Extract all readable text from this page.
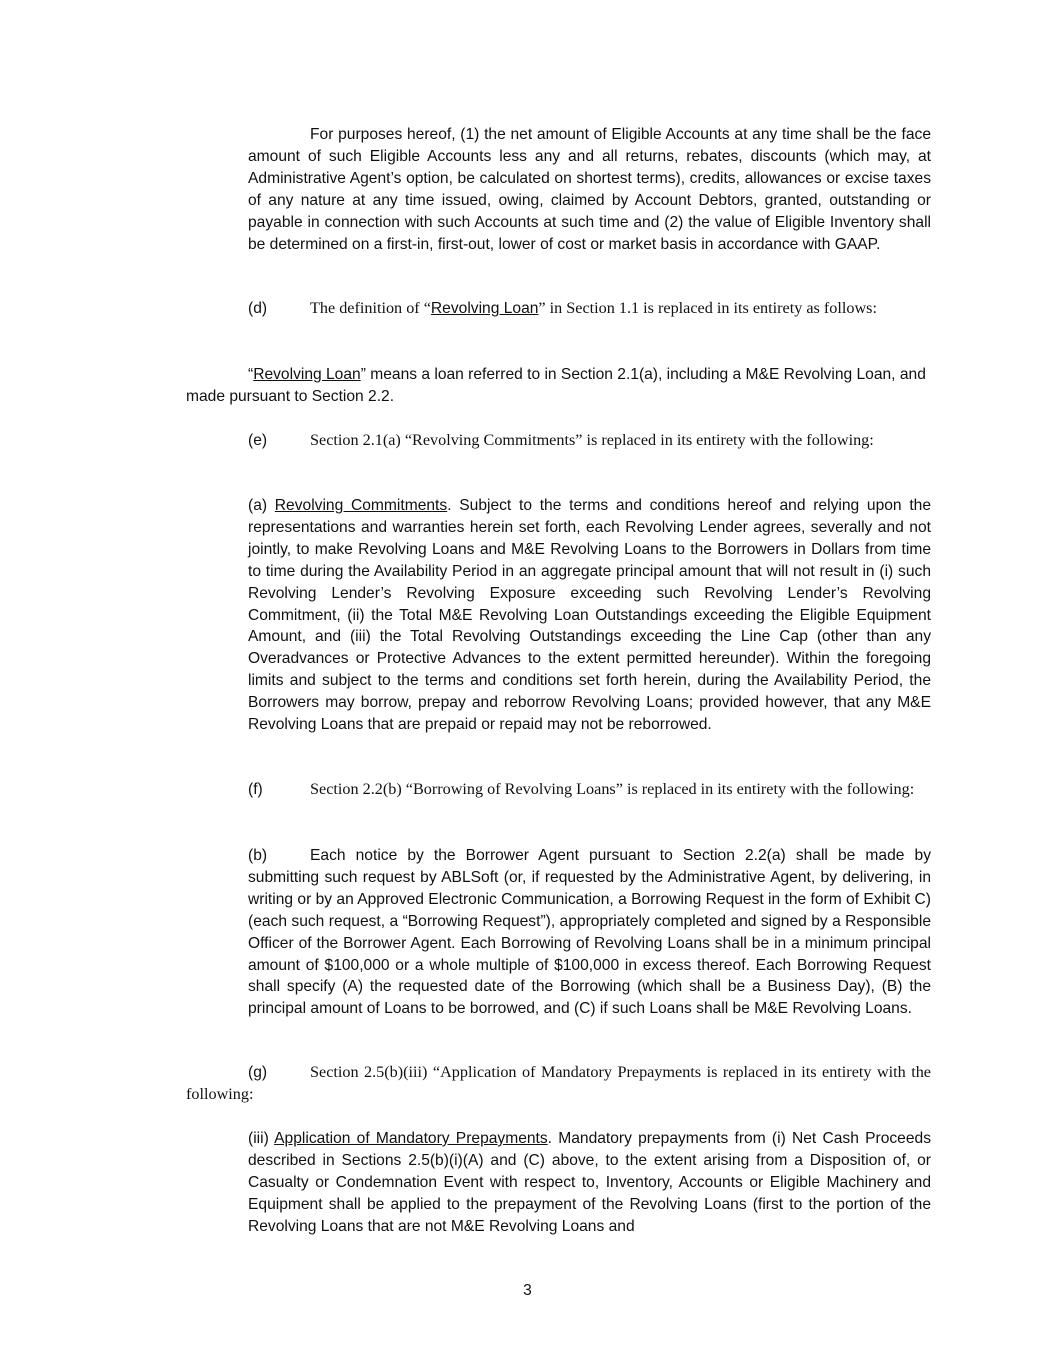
For purposes hereof, (1) the net amount of Eligible Accounts at any time shall be the face amount of such Eligible Accounts less any and all returns, rebates, discounts (which may, at Administrative Agent’s option, be calculated on shortest terms), credits, allowances or excise taxes of any nature at any time issued, owing, claimed by Account Debtors, granted, outstanding or payable in connection with such Accounts at such time and (2) the value of Eligible Inventory shall be determined on a first-in, first-out, lower of cost or market basis in accordance with GAAP.

(d)	The definition of “Revolving Loan” in Section 1.1 is replaced in its entirety as follows:

“Revolving Loan” means a loan referred to in Section 2.1(a), including a M&E Revolving Loan, and made pursuant to Section 2.2.

(e)	Section 2.1(a) “Revolving Commitments” is replaced in its entirety with the following:

(a) Revolving Commitments. Subject to the terms and conditions hereof and relying upon the representations and warranties herein set forth, each Revolving Lender agrees, severally and not jointly, to make Revolving Loans and M&E Revolving Loans to the Borrowers in Dollars from time to time during the Availability Period in an aggregate principal amount that will not result in (i) such Revolving Lender’s Revolving Exposure exceeding such Revolving Lender’s Revolving Commitment, (ii) the Total M&E Revolving Loan Outstandings exceeding the Eligible Equipment Amount, and (iii) the Total Revolving Outstandings exceeding the Line Cap (other than any Overadvances or Protective Advances to the extent permitted hereunder). Within the foregoing limits and subject to the terms and conditions set forth herein, during the Availability Period, the Borrowers may borrow, prepay and reborrow Revolving Loans; provided however, that any M&E Revolving Loans that are prepaid or repaid may not be reborrowed.

(f)	Section 2.2(b) “Borrowing of Revolving Loans” is replaced in its entirety with the following:

(b)	Each notice by the Borrower Agent pursuant to Section 2.2(a) shall be made by submitting such request by ABLSoft (or, if requested by the Administrative Agent, by delivering, in writing or by an Approved Electronic Communication, a Borrowing Request in the form of Exhibit C) (each such request, a “Borrowing Request”), appropriately completed and signed by a Responsible Officer of the Borrower Agent. Each Borrowing of Revolving Loans shall be in a minimum principal amount of $100,000 or a whole multiple of $100,000 in excess thereof. Each Borrowing Request shall specify (A) the requested date of the Borrowing (which shall be a Business Day), (B) the principal amount of Loans to be borrowed, and (C) if such Loans shall be M&E Revolving Loans.

(g)	Section 2.5(b)(iii) “Application of Mandatory Prepayments is replaced in its entirety with the following:

(iii) Application of Mandatory Prepayments. Mandatory prepayments from (i) Net Cash Proceeds described in Sections 2.5(b)(i)(A) and (C) above, to the extent arising from a Disposition of, or Casualty or Condemnation Event with respect to, Inventory, Accounts or Eligible Machinery and Equipment shall be applied to the prepayment of the Revolving Loans (first to the portion of the Revolving Loans that are not M&E Revolving Loans and

3
